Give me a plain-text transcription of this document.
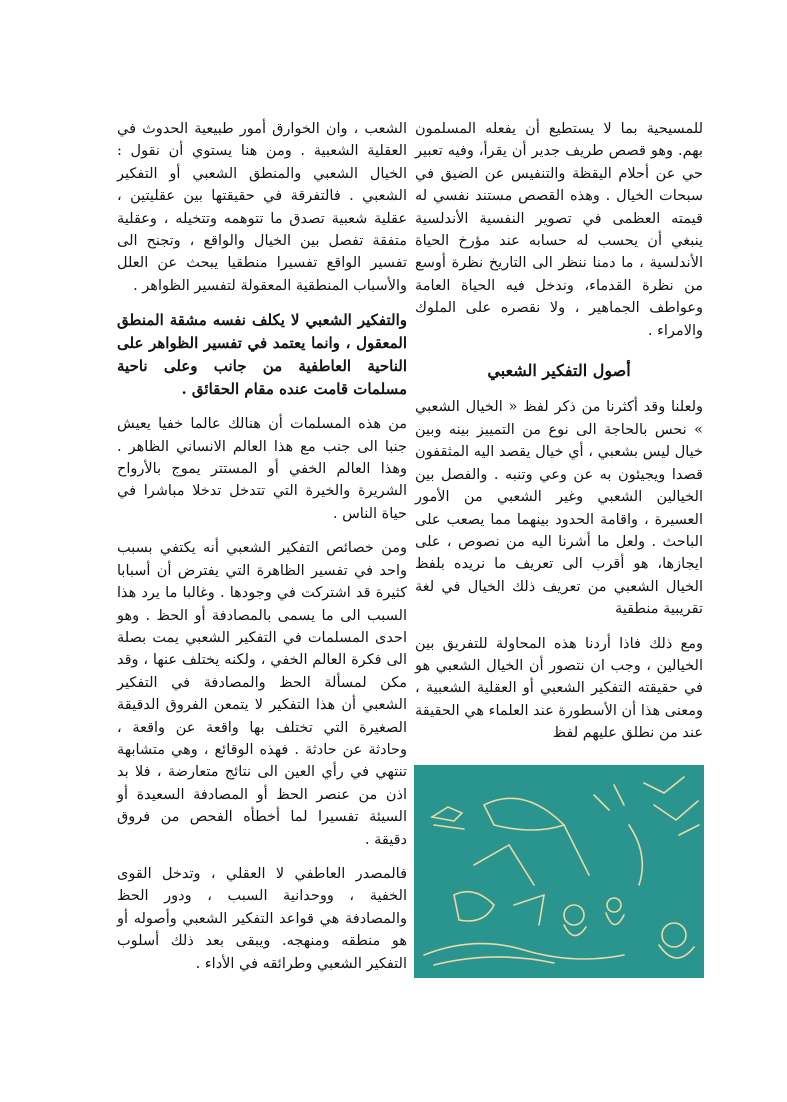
للمسيحية بما لا يستطيع أن يفعله المسلمون بهم. وهو قصص طريف جدير أن يقرأ، وفيه تعبير حي عن أحلام اليقظة والتنفيس عن الضيق في سبحات الخيال . وهذه القصص مستند نفسي له قيمته العظمى في تصوير النفسية الأندلسية ينبغي أن يحسب له حسابه عند مؤرخ الحياة الأندلسية ، ما دمنا ننظر الى التاريخ نظرة أوسع من نظرة القدماء، وندخل فيه الحياة العامة وعواطف الجماهير ، ولا نقصره على الملوك والامراء .

أصول التفكير الشعبي

ولعلنا وقد أكثرنا من ذكر لفظ « الخيال الشعبي » نحس بالحاجة الى نوع من التمييز بينه وبين خيال ليس بشعبي ، أي خيال يقصد اليه المثقفون قصدا ويجيئون به عن وعي وتنبه . والفصل بين الخيالين الشعبي وغير الشعبي من الأمور العسيرة ، واقامة الحدود بينهما مما يصعب على الباحث . ولعل ما أشرنا اليه من نصوص ، على ايجازها، هو أقرب الى تعريف ما نريده بلفظ الخيال الشعبي من تعريف ذلك الخيال في لغة تقريبية منطقية

ومع ذلك فاذا أردنا هذه المحاولة للتفريق بين الخيالين ، وجب ان نتصور أن الخيال الشعبي هو في حقيقته التفكير الشعبي أو العقلية الشعبية ، ومعنى هذا أن الأسطورة عند العلماء هي الحقيقة عند من نطلق عليهم لفظ

الشعب ، وان الخوارق أمور طبيعية الحدوث في العقلية الشعبية . ومن هنا يستوي أن نقول : الخيال الشعبي والمنطق الشعبي أو التفكير الشعبي . فالتفرقة في حقيقتها بين عقليتين ، عقلية شعبية تصدق ما تتوهمه وتتخيله ، وعقلية متفقة تفصل بين الخيال والواقع ، وتجنح الى تفسير الواقع تفسيرا منطقيا يبحث عن العلل والأسباب المنطقية المعقولة لتفسير الظواهر .

والتفكير الشعبي لا يكلف نفسه مشقة المنطق المعقول ، وانما يعتمد في تفسير الظواهر على الناحية العاطفية من جانب وعلى ناحية مسلمات قامت عنده مقام الحقائق .

من هذه المسلمات أن هنالك عالما خفيا يعيش جنبا الى جنب مع هذا العالم الانساني الظاهر . وهذا العالم الخفي أو المستتر يموج بالأرواح الشريرة والخيرة التي تتدخل تدخلا مباشرا في حياة الناس .

ومن خصائص التفكير الشعبي أنه يكتفي بسبب واحد في تفسير الظاهرة التي يفترض أن أسبابا كثيرة قد اشتركت في وجودها . وغالبا ما يرد هذا السبب الى ما يسمى بالمصادفة أو الحظ . وهو احدى المسلمات في التفكير الشعبي يمت بصلة الى فكرة العالم الخفي ، ولكنه يختلف عنها ، وقد مكن لمسألة الحظ والمصادفة في التفكير الشعبي أن هذا التفكير لا يتمعن الفروق الدقيقة الصغيرة التي تختلف بها واقعة عن واقعة ، وحادثة عن حادثة . فهذه الوقائع ، وهي متشابهة تنتهي في رأي العين الى نتائج متعارضة ، فلا بد اذن من عنصر الحظ أو المصادفة السعيدة أو السيئة تفسيرا لما أخطأه الفحص من فروق دقيقة .

فالمصدر العاطفي لا العقلي ، وتدخل القوى الخفية ، ووحدانية السبب ، ودور الحظ والمصادفة هي قواعد التفكير الشعبي وأصوله أو هو منطقه ومنهجه. ويبقى بعد ذلك أسلوب التفكير الشعبي وطرائقه في الأداء .
